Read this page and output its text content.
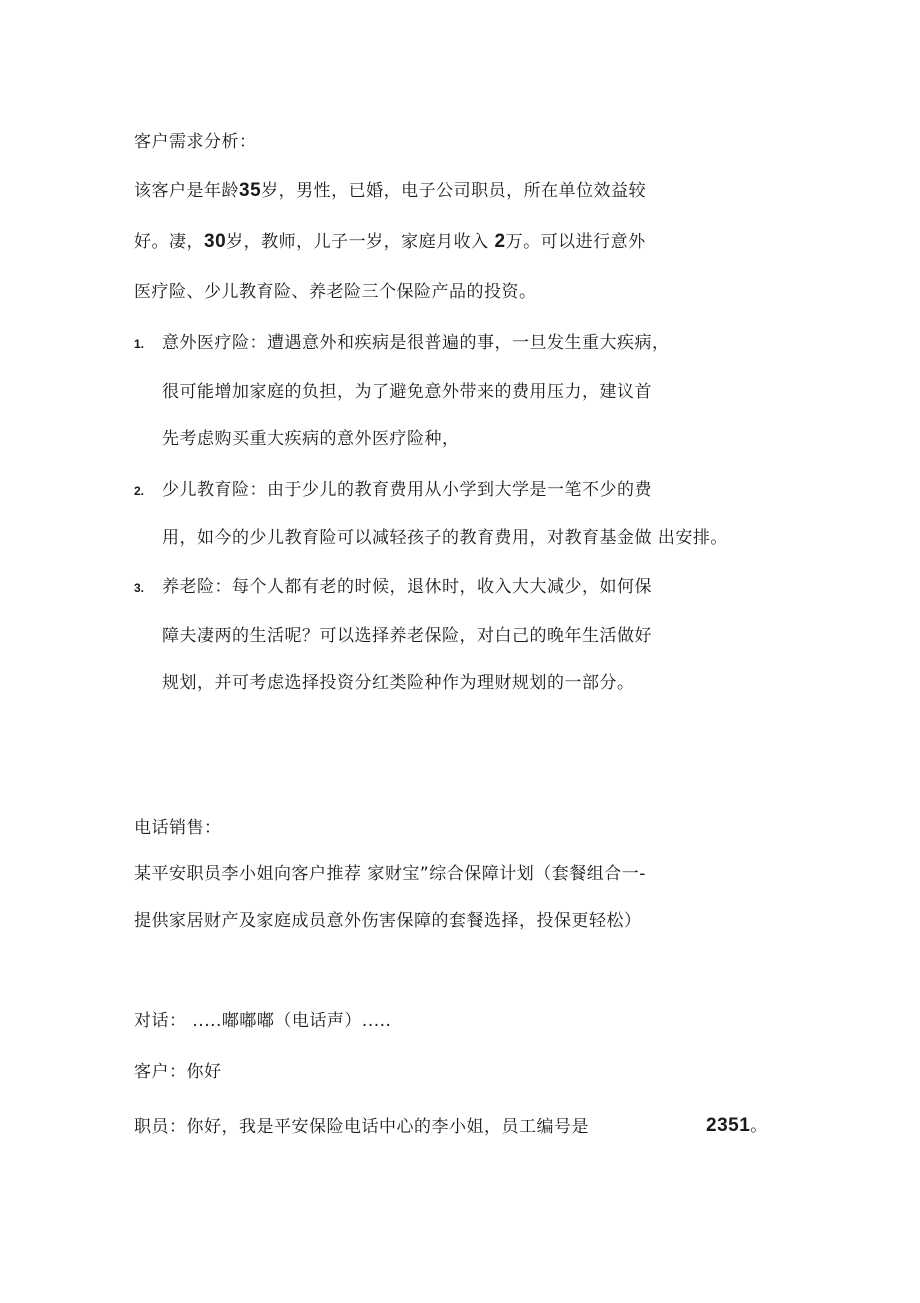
客户需求分析：
该客户是年龄35岁，男性，已婚，电子公司职员，所在单位效益较
好。凄，30岁，教师，儿子一岁，家庭月收入 2万。可以进行意外
医疗险、少儿教育险、养老险三个保险产品的投资。
1. 意外医疗险：遭遇意外和疾病是很普遍的事，一旦发生重大疾病，
很可能增加家庭的负担，为了避免意外带来的费用压力，建议首
先考虑购买重大疾病的意外医疗险种，
2. 少儿教育险：由于少儿的教育费用从小学到大学是一笔不少的费
用，如今的少儿教育险可以减轻孩子的教育费用，对教育基金做 出安排。
3. 养老险：每个人都有老的时候，退休时，收入大大减少，如何保
障夫凄两的生活呢？可以选择养老保险，对白己的晚年生活做好
规划，并可考虑选择投资分红类险种作为理财规划的一部分。
电话销售：
某平安职员李小姐向客户推荐 家财宝”综合保障计划（套餐组合一-
提供家居财产及家庭成员意外伤害保障的套餐选择，投保更轻松）
对话： .....嘟嘟嘟（电话声）.....
客户：你好
职员：你好，我是平安保险电话中心的李小姐，员工编号是	2351。
